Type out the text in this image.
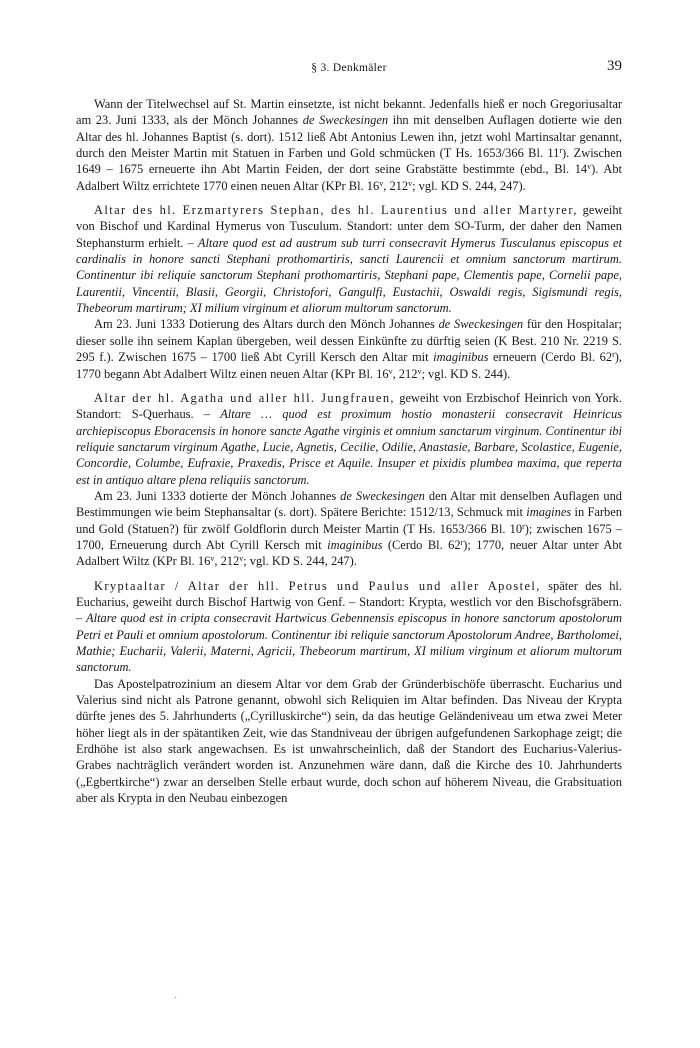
§ 3. Denkmäler	39

Wann der Titelwechsel auf St. Martin einsetzte, ist nicht bekannt. Jedenfalls hieß er noch Gregoriusaltar am 23. Juni 1333, als der Mönch Johannes de Sweckesingen ihn mit denselben Auflagen dotierte wie den Altar des hl. Johannes Baptist (s. dort). 1512 ließ Abt Antonius Lewen ihn, jetzt wohl Martinsaltar genannt, durch den Meister Martin mit Statuen in Farben und Gold schmücken (T Hs. 1653/366 Bl. 11$^r$). Zwischen 1649 – 1675 erneuerte ihn Abt Martin Feiden, der dort seine Grabstätte bestimmte (ebd., Bl. 14$^v$). Abt Adalbert Wiltz errichtete 1770 einen neuen Altar (KPr Bl. 16$^v$, 212$^v$; vgl. KD S. 244, 247).

Altar des hl. Erzmartyrers Stephan, des hl. Laurentius und aller Martyrer, geweiht von Bischof und Kardinal Hymerus von Tusculum. Standort: unter dem SO-Turm, der daher den Namen Stephansturm erhielt. – Altare quod est ad austrum sub turri consecravit Hymerus Tusculanus episcopus et cardinalis in honore sancti Stephani prothomartiris, sancti Laurencii et omnium sanctorum martirum. Continentur ibi reliquie sanctorum Stephani prothomartiris, Stephani pape, Clementis pape, Cornelii pape, Laurentii, Vincentii, Blasii, Georgii, Christofori, Gangulfi, Eustachii, Oswaldi regis, Sigismundi regis, Thebeorum martirum; XI milium virginum et aliorum multorum sanctorum.

Am 23. Juni 1333 Dotierung des Altars durch den Mönch Johannes de Sweckesingen für den Hospitalar; dieser solle ihn seinem Kaplan übergeben, weil dessen Einkünfte zu dürftig seien (K Best. 210 Nr. 2219 S. 295 f.). Zwischen 1675 – 1700 ließ Abt Cyrill Kersch den Altar mit imaginibus erneuern (Cerdo Bl. 62$^r$), 1770 begann Abt Adalbert Wiltz einen neuen Altar (KPr Bl. 16$^v$, 212$^v$; vgl. KD S. 244).

Altar der hl. Agatha und aller hll. Jungfrauen, geweiht von Erzbischof Heinrich von York. Standort: S-Querhaus. – Altare … quod est proximum hostio monasterii consecravit Heinricus archiepiscopus Eboracensis in honore sancte Agathe virginis et omnium sanctarum virginum. Continentur ibi reliquie sanctarum virginum Agathe, Lucie, Agnetis, Cecilie, Odilie, Anastasie, Barbare, Scolastice, Eugenie, Concordie, Columbe, Eufraxie, Praxedis, Prisce et Aquile. Insuper et pixidis plumbea maxima, que reperta est in antiquo altare plena reliquiis sanctorum.

Am 23. Juni 1333 dotierte der Mönch Johannes de Sweckesingen den Altar mit denselben Auflagen und Bestimmungen wie beim Stephansaltar (s. dort). Spätere Berichte: 1512/13, Schmuck mit imagines in Farben und Gold (Statuen?) für zwölf Goldflorin durch Meister Martin (T Hs. 1653/366 Bl. 10$^r$); zwischen 1675 – 1700, Erneuerung durch Abt Cyrill Kersch mit imaginibus (Cerdo Bl. 62$^r$); 1770, neuer Altar unter Abt Adalbert Wiltz (KPr Bl. 16$^v$, 212$^v$; vgl. KD S. 244, 247).

Kryptaaltar / Altar der hll. Petrus und Paulus und aller Apostel, später des hl. Eucharius, geweiht durch Bischof Hartwig von Genf. – Standort: Krypta, westlich vor den Bischofsgräbern. – Altare quod est in cripta consecravit Hartwicus Gebennensis episcopus in honore sanctorum apostolorum Petri et Pauli et omnium apostolorum. Continentur ibi reliquie sanctorum Apostolorum Andree, Bartholomei, Mathie; Eucharii, Valerii, Materni, Agricii, Thebeorum martirum, XI milium virginum et aliorum multorum sanctorum.

Das Apostelpatrozinium an diesem Altar vor dem Grab der Gründerbischöfe überrascht. Eucharius und Valerius sind nicht als Patrone genannt, obwohl sich Reliquien im Altar befinden. Das Niveau der Krypta dürfte jenes des 5. Jahrhunderts („Cyrilluskirche“) sein, da das heutige Geländeniveau um etwa zwei Meter höher liegt als in der spätantiken Zeit, wie das Standniveau der übrigen aufgefundenen Sarkophage zeigt; die Erdhöhe ist also stark angewachsen. Es ist unwahrscheinlich, daß der Standort des Eucharius-Valerius-Grabes nachträglich verändert worden ist. Anzunehmen wäre dann, daß die Kirche des 10. Jahrhunderts („Egbertkirche“) zwar an derselben Stelle erbaut wurde, doch schon auf höherem Niveau, die Grabsituation aber als Krypta in den Neubau einbezogen

·
